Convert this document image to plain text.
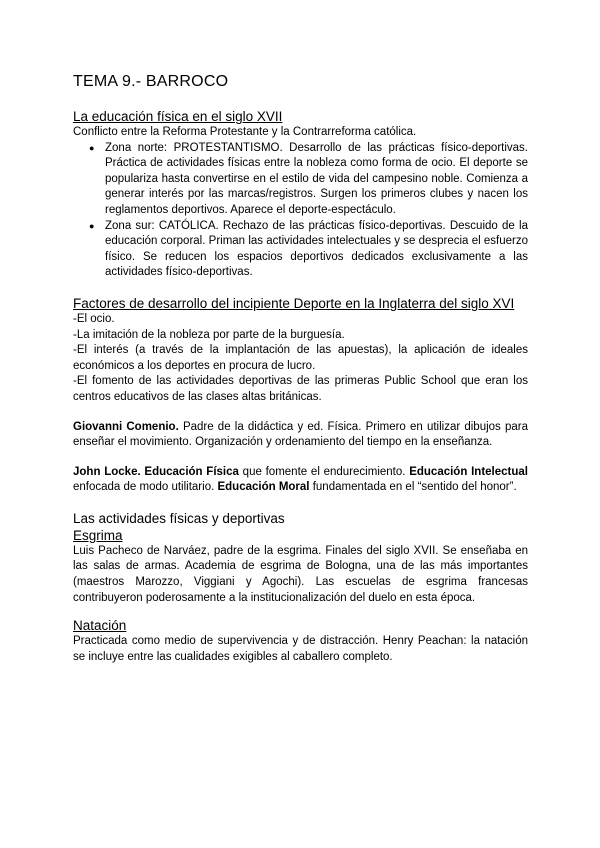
TEMA 9.- BARROCO
La educación física en el siglo XVII

Conflicto entre la Reforma Protestante y la Contrarreforma católica.

● Zona norte: PROTESTANTISMO. Desarrollo de las prácticas físico-deportivas. Práctica de actividades físicas entre la nobleza como forma de ocio. El deporte se populariza hasta convertirse en el estilo de vida del campesino noble. Comienza a generar interés por las marcas/registros. Surgen los primeros clubes y nacen los reglamentos deportivos. Aparece el deporte-espectáculo.
● Zona sur: CATÓLICA. Rechazo de las prácticas físico-deportivas. Descuido de la educación corporal. Priman las actividades intelectuales y se desprecia el esfuerzo físico. Se reducen los espacios deportivos dedicados exclusivamente a las actividades físico-deportivas.
Factores de desarrollo del incipiente Deporte en la Inglaterra del siglo XVI

-El ocio.

-La imitación de la nobleza por parte de la burguesía.

-El interés (a través de la implantación de las apuestas), la aplicación de ideales económicos a los deportes en procura de lucro.

-El fomento de las actividades deportivas de las primeras Public School que eran los centros educativos de las clases altas británicas.

Giovanni Comenio. Padre de la didáctica y ed. Física. Primero en utilizar dibujos para enseñar el movimiento. Organización y ordenamiento del tiempo en la enseñanza.

John Locke. Educación Física que fomente el endurecimiento. Educación Intelectual enfocada de modo utilitario. Educación Moral fundamentada en el “sentido del honor”.

Las actividades físicas y deportivas
Esgrima

Luis Pacheco de Narváez, padre de la esgrima. Finales del siglo XVII. Se enseñaba en las salas de armas. Academia de esgrima de Bologna, una de las más importantes (maestros Marozzo, Viggiani y Agochi). Las escuelas de esgrima francesas contribuyeron poderosamente a la institucionalización del duelo en esta época.

Natación

Practicada como medio de supervivencia y de distracción. Henry Peachan: la natación se incluye entre las cualidades exigibles al caballero completo.
